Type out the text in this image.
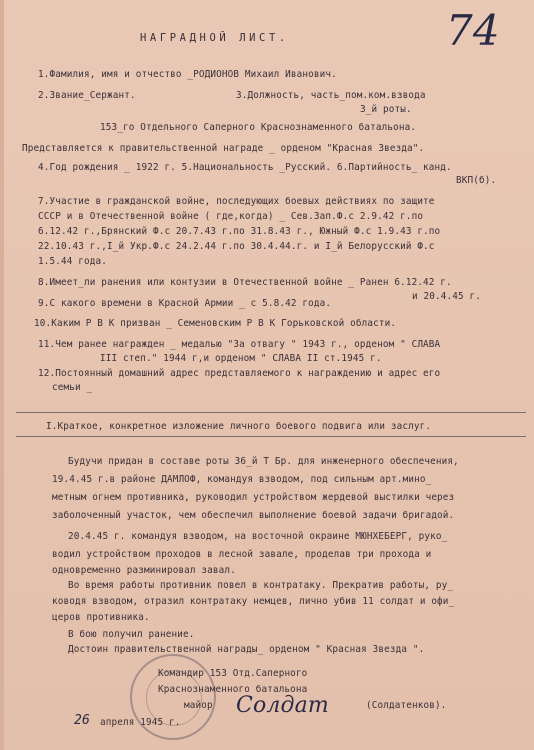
НАГРАДНОЙ ЛИСТ.	74
1.Фамилия, имя и отчество _РОДИОНОВ Михаил Иванович.
2.Звание_Сержант.	3.Должность, часть_пом.ком.взвода
3_й роты.
153_го Отдельного Саперного Краснознаменного батальона.
Представляется к правительственной награде _ орденом "Красная Звезда".
4.Год рождения _ 1922 г. 5.Национальность _Русский. 6.Партийность_ канд.
ВКП(б).
7.Участие в гражданской войне, последующих боевых действиях по защите
СССР и в Отечественной войне ( где,когда) _ Сев.Зап.Ф.с 2.9.42 г.по
6.12.42 г.,Брянский Ф.с 20.7.43 г.по 31.8.43 г., Южный Ф.с 1.9.43 г.по
22.10.43 г.,I_й Укр.Ф.с 24.2.44 г.по 30.4.44.г. и I_й Белорусский Ф.с
1.5.44 года.
8.Имеет_ли ранения или контузии в Отечественной войне _ Ранен 6.12.42 г.
и 20.4.45 г.
9.С какого времени в Красной Армии _ с 5.8.42 года.
10.Каким Р В К призван _ Семеновским Р В К Горьковской области.
11.Чем ранее награжден _ медалью "За отвагу " 1943 г., орденом " СЛАВА
III степ." 1944 г,и орденом " СЛАВА II ст.1945 г.
12.Постоянный домашний адрес представляемого к награждению и адрес его
семьи _
I.Краткое, конкретное изложение личного боевого подвига или заслуг.
Будучи придан в составе роты 36_й Т Бр. для инженерного обеспечения,
19.4.45 г.в районе ДАМЛОФ, командуя взводом, под сильным арт.мино_
метным огнем противника, руководил устройством жердевой выстилки через
заболоченный участок, чем обеспечил выполнение боевой задачи бригадой.
20.4.45 г. командуя взводом, на восточной окраине МЮНХЕБЕРГ, руко_
водил устройством проходов в лесной завале, проделав три прохода и
одновременно разминировал завал.
Во время работы противник повел в контратаку. Прекратив работы, ру_
ководя взводом, отразил контратаку немцев, лично убив 11 солдат и офи_
церов противника.
В бою получил ранение.
Достоин правительственной награды_ орденом " Красная Звезда ".
Командир 153 Отд.Саперного
Краснознаменного батальона
майор Солдат	(Солдатенков).
26 апреля 1945 г.
